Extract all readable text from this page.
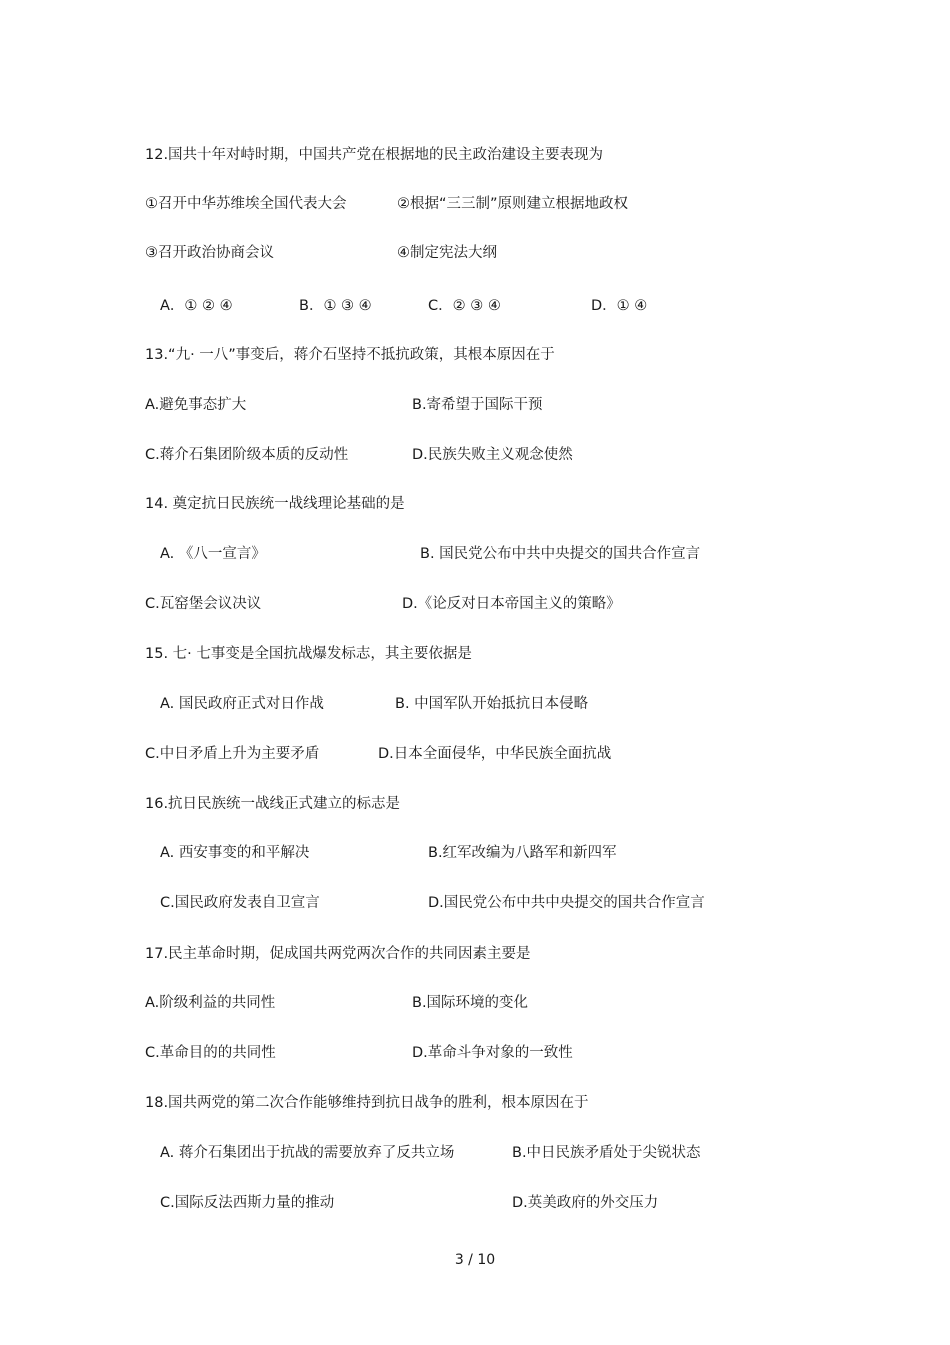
12.国共十年对峙时期，中国共产党在根据地的民主政治建设主要表现为
①召开中华苏维埃全国代表大会	②根据“三三制”原则建立根据地政权
③召开政治协商会议	④制定宪法大纲
A．① ② ④	B．① ③ ④	C．② ③ ④	D．① ④
13.“九· 一八”事变后，蒋介石坚持不抵抗政策，其根本原因在于
A.避免事态扩大	B.寄希望于国际干预
C.蒋介石集团阶级本质的反动性	D.民族失败主义观念使然
14. 奠定抗日民族统一战线理论基础的是
A. 《八一宣言》	B. 国民党公布中共中央提交的国共合作宣言
C.瓦窑堡会议决议	D.《论反对日本帝国主义的策略》
15. 七· 七事变是全国抗战爆发标志，其主要依据是
A. 国民政府正式对日作战	B. 中国军队开始抵抗日本侵略
C.中日矛盾上升为主要矛盾	D.日本全面侵华，中华民族全面抗战
16.抗日民族统一战线正式建立的标志是
A. 西安事变的和平解决	B.红军改编为八路军和新四军
C.国民政府发表自卫宣言	D.国民党公布中共中央提交的国共合作宣言
17.民主革命时期，促成国共两党两次合作的共同因素主要是
A.阶级利益的共同性	B.国际环境的变化
C.革命目的的共同性	D.革命斗争对象的一致性
18.国共两党的第二次合作能够维持到抗日战争的胜利，根本原因在于
A. 蒋介石集团出于抗战的需要放弃了反共立场	B.中日民族矛盾处于尖锐状态
C.国际反法西斯力量的推动	D.英美政府的外交压力
3 / 10
